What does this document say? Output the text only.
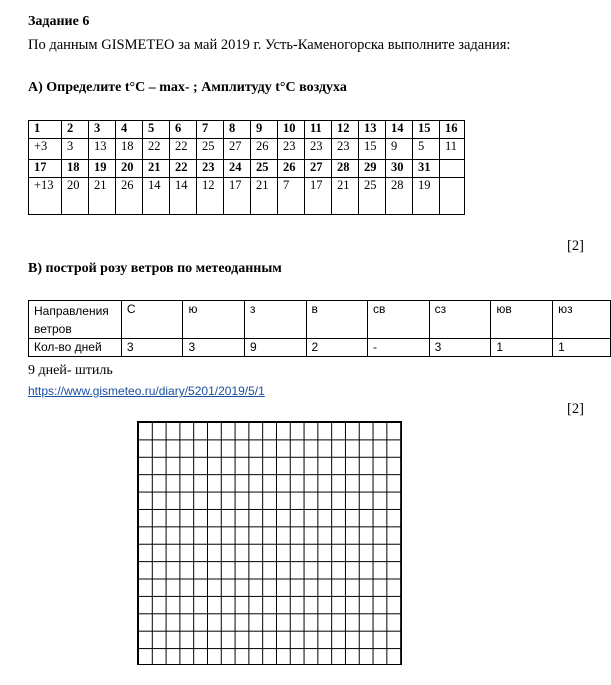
Задание 6
По данным GISMETEO за май 2019 г. Усть-Каменогорска выполните задания:
А) Определите t°C – max- ; Амплитуду t°C воздуха
1	2	3	4	5	6	7	8	9	10	11	12	13	14	15	16
+3	3	13	18	22	22	25	27	26	23	23	23	15	9	5	11
17	18	19	20	21	22	23	24	25	26	27	28	29	30	31	
+13	20	21	26	14	14	12	17	21	7	17	21	25	28	19	
[2]
В) построй розу ветров по метеоданным
Направления ветров	С	ю	з	в	св	сз	юв	юз
Кол-во дней	3	3	9	2	-	3	1	1
9 дней- штиль
https://www.gismeteo.ru/diary/5201/2019/5/1
[2]
